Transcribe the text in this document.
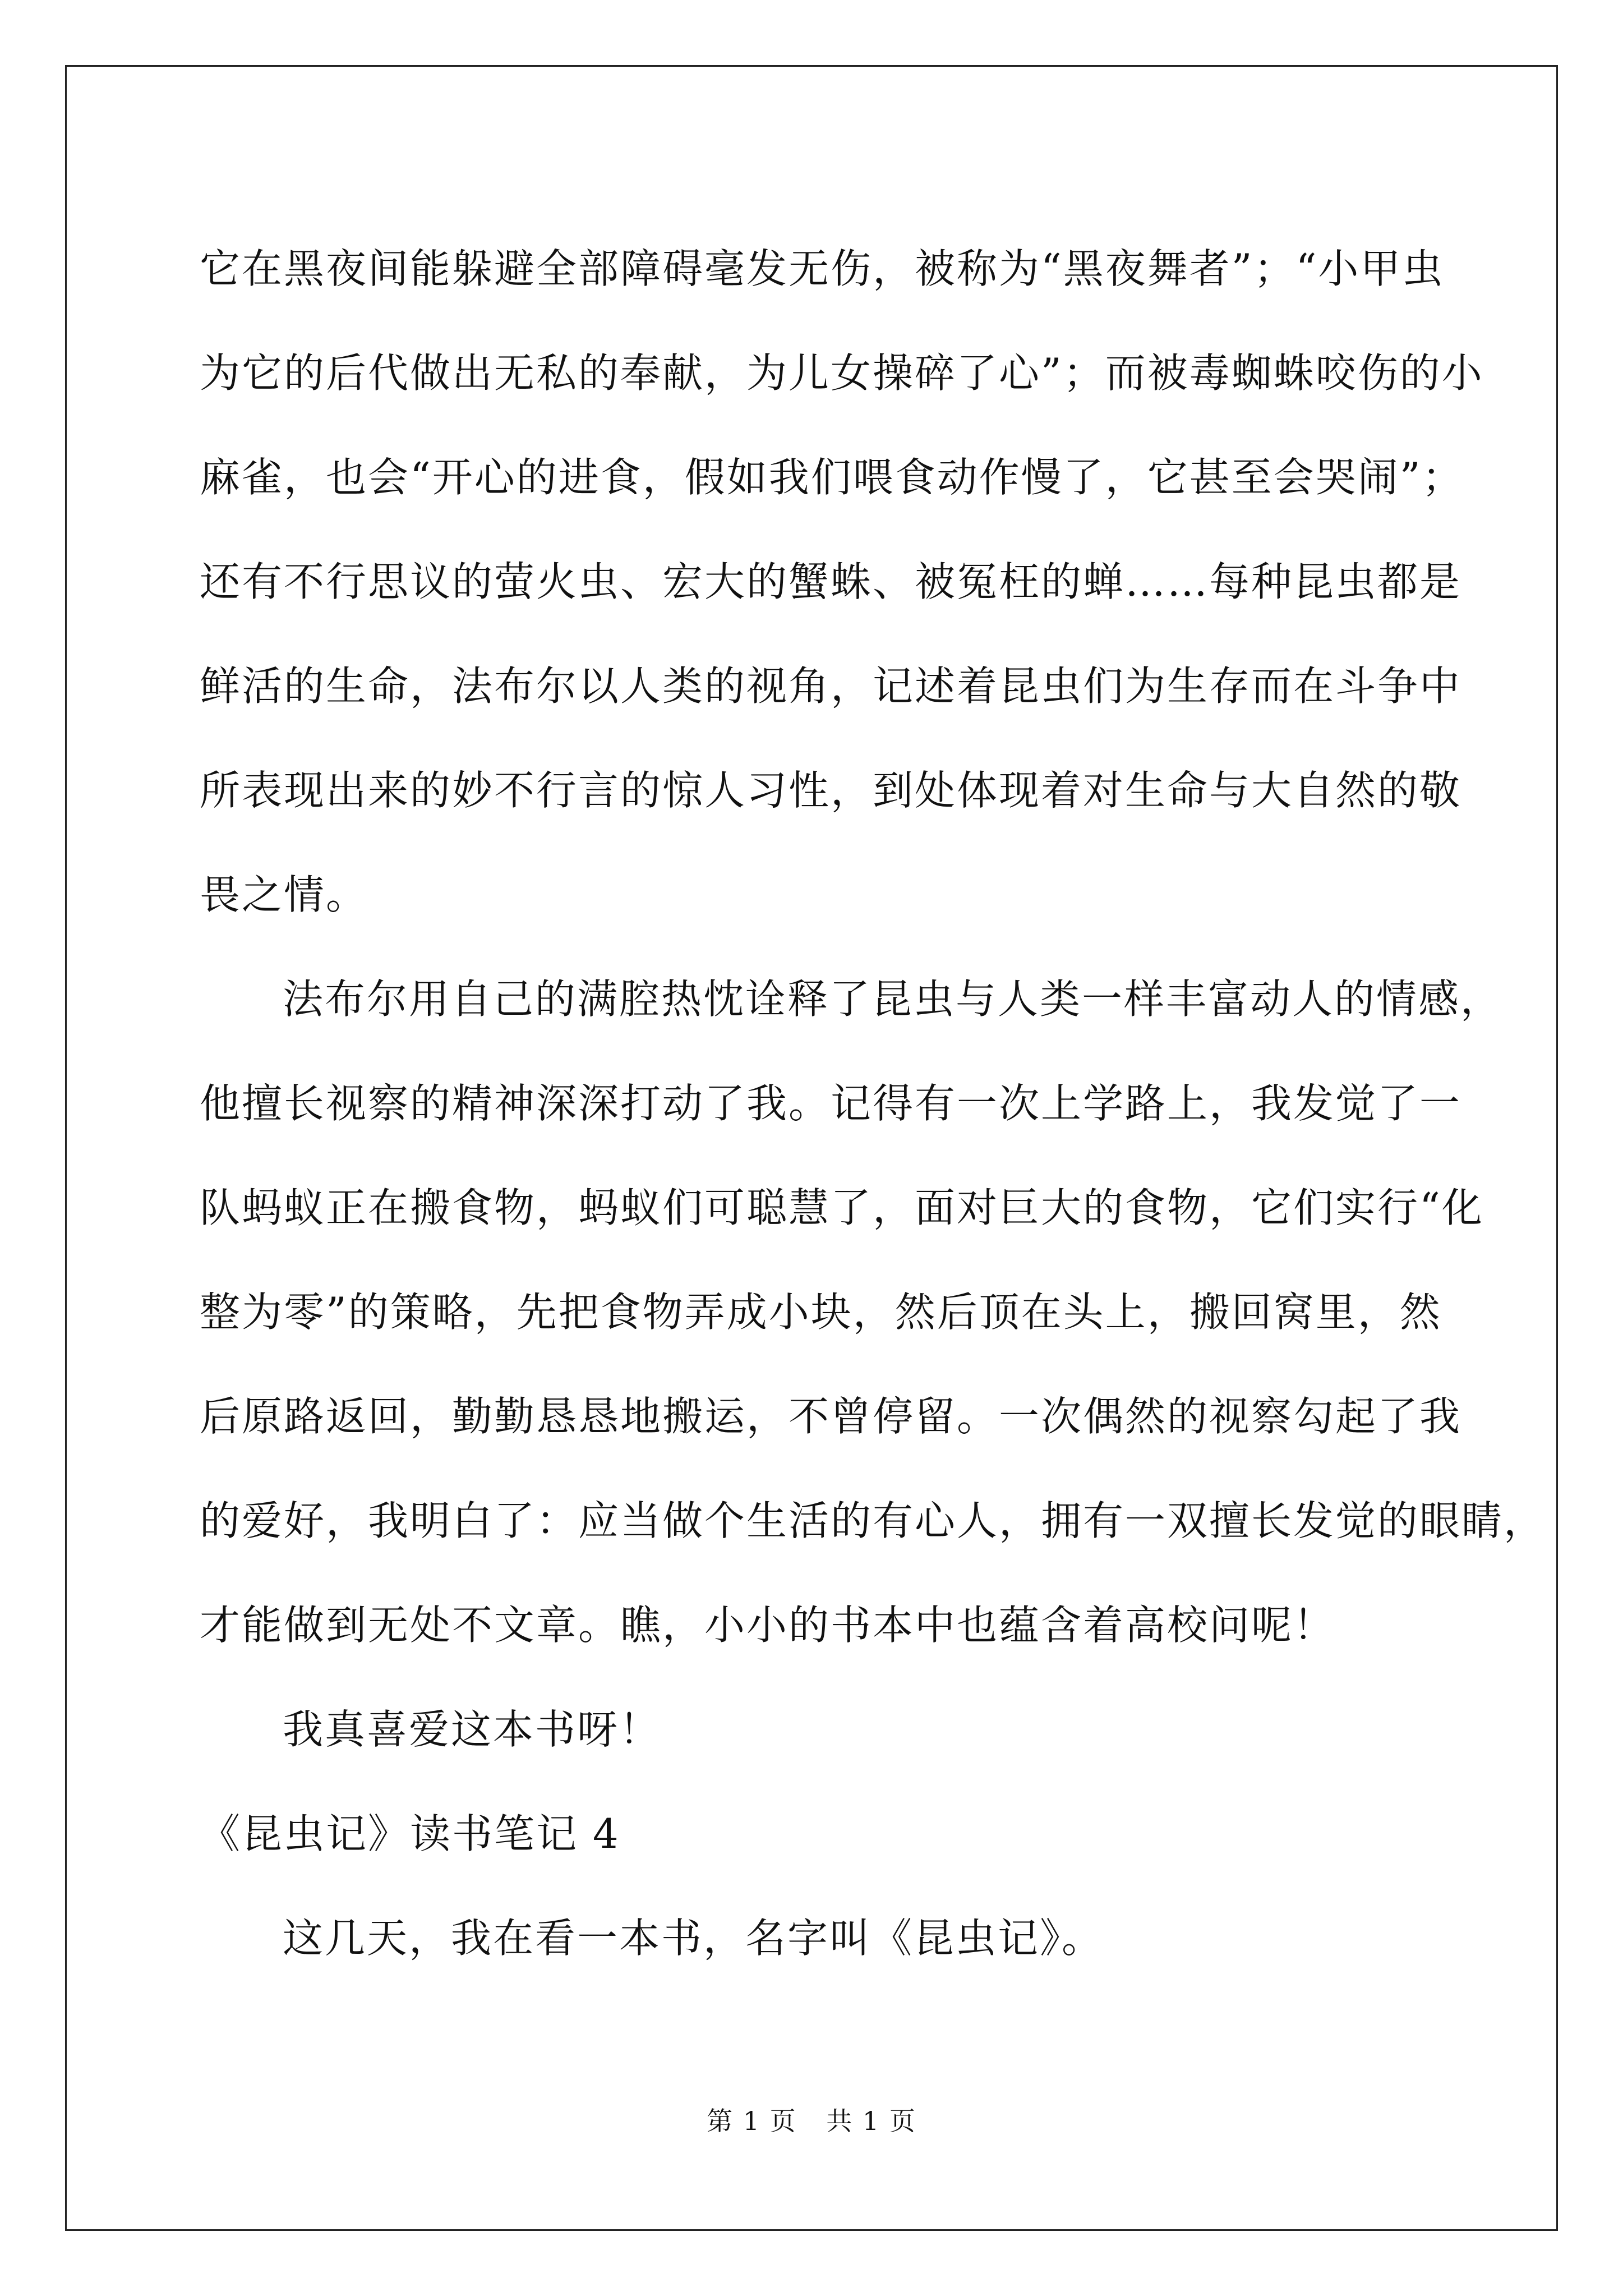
它在黑夜间能躲避全部障碍毫发无伤，被称为“黑夜舞者”；“小甲虫

为它的后代做出无私的奉献，为儿女操碎了心”；而被毒蜘蛛咬伤的小

麻雀，也会“开心的进食，假如我们喂食动作慢了，它甚至会哭闹”；

还有不行思议的萤火虫、宏大的蟹蛛、被冤枉的蝉……每种昆虫都是

鲜活的生命，法布尔以人类的视角，记述着昆虫们为生存而在斗争中

所表现出来的妙不行言的惊人习性，到处体现着对生命与大自然的敬

畏之情。

法布尔用自己的满腔热忱诠释了昆虫与人类一样丰富动人的情感，

他擅长视察的精神深深打动了我。记得有一次上学路上，我发觉了一

队蚂蚁正在搬食物，蚂蚁们可聪慧了，面对巨大的食物，它们实行“化

整为零”的策略，先把食物弄成小块，然后顶在头上，搬回窝里，然

后原路返回，勤勤恳恳地搬运，不曾停留。一次偶然的视察勾起了我

的爱好，我明白了：应当做个生活的有心人，拥有一双擅长发觉的眼睛，

才能做到无处不文章。瞧，小小的书本中也蕴含着高校问呢！

我真喜爱这本书呀！

《昆虫记》读书笔记 4

这几天，我在看一本书，名字叫《昆虫记》。

第 1 页 共 1 页
